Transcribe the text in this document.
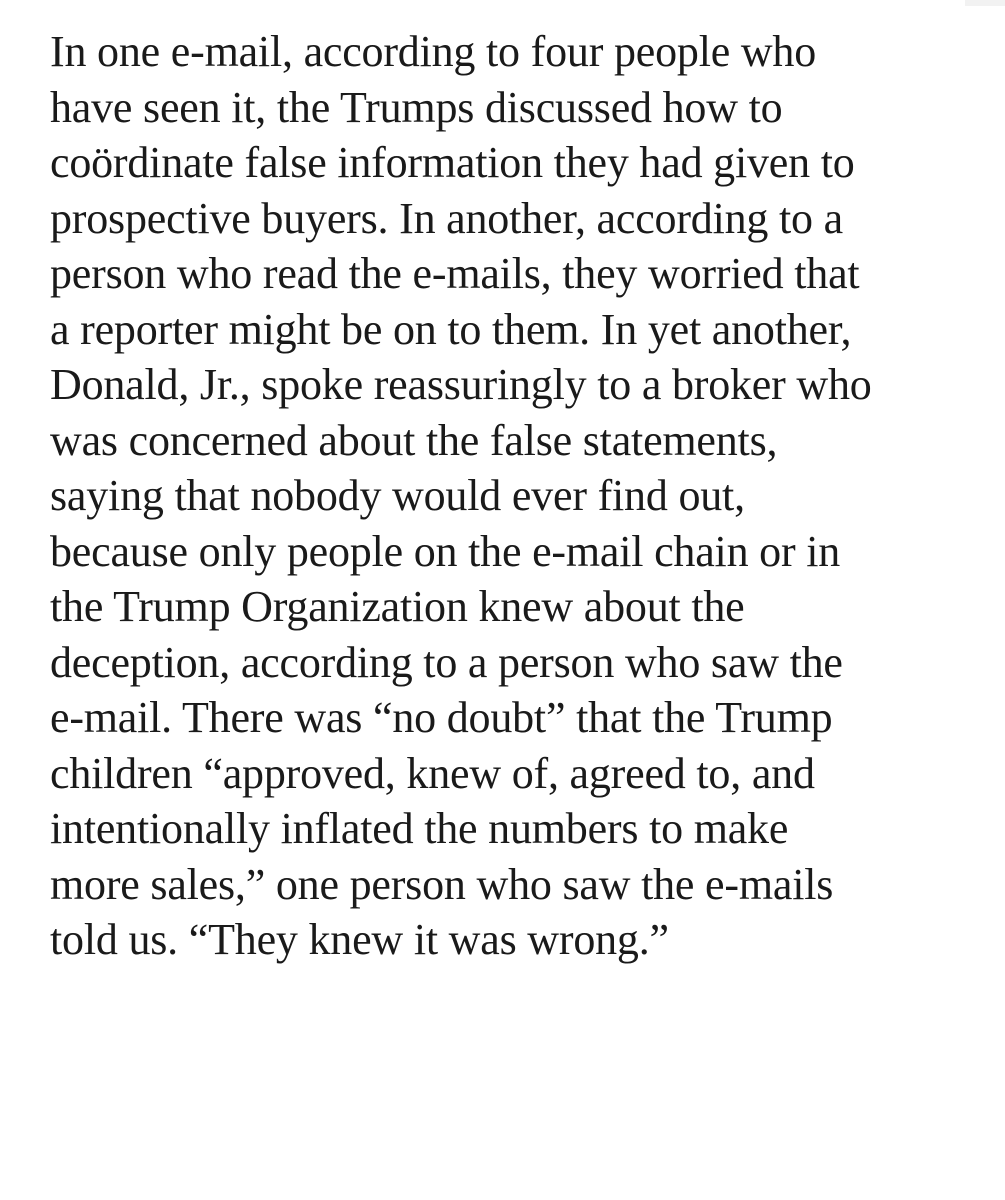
In one e-mail, according to four people who
have seen it, the Trumps discussed how to
coördinate false information they had given to
prospective buyers. In another, according to a
person who read the e-mails, they worried that
a reporter might be on to them. In yet another,
Donald, Jr., spoke reassuringly to a broker who
was concerned about the false statements,
saying that nobody would ever find out,
because only people on the e-mail chain or in
the Trump Organization knew about the
deception, according to a person who saw the
e-mail. There was “no doubt” that the Trump
children “approved, knew of, agreed to, and
intentionally inflated the numbers to make
more sales,” one person who saw the e-mails
told us. “They knew it was wrong.”
